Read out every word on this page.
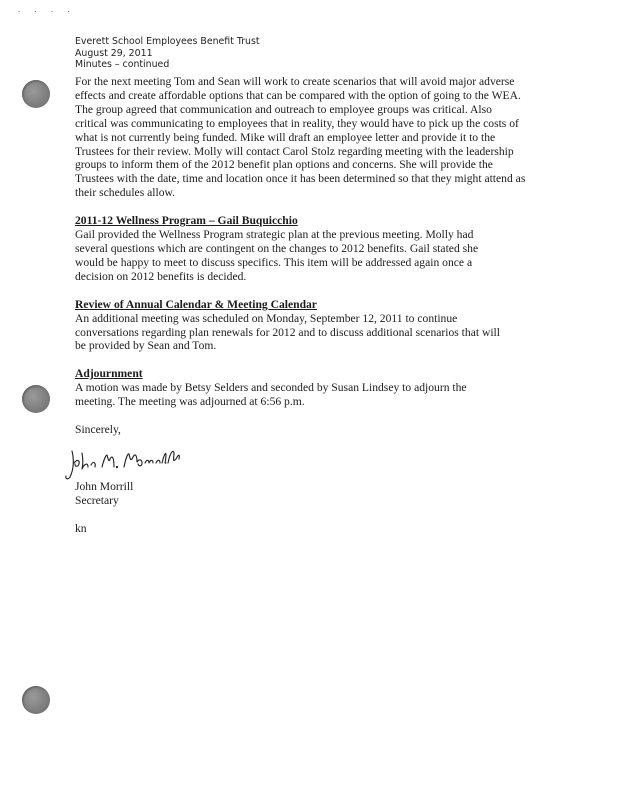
· · · ·
Everett School Employees Benefit Trust
August 29, 2011
Minutes – continued

For the next meeting Tom and Sean will work to create scenarios that will avoid major adverse

effects and create affordable options that can be compared with the option of going to the WEA.

The group agreed that communication and outreach to employee groups was critical. Also

critical was communicating to employees that in reality, they would have to pick up the costs of

what is not currently being funded. Mike will draft an employee letter and provide it to the

Trustees for their review. Molly will contact Carol Stolz regarding meeting with the leadership

groups to inform them of the 2012 benefit plan options and concerns. She will provide the

Trustees with the date, time and location once it has been determined so that they might attend as

their schedules allow.

2011-12 Wellness Program – Gail Buquicchio

Gail provided the Wellness Program strategic plan at the previous meeting. Molly had

several questions which are contingent on the changes to 2012 benefits. Gail stated she

would be happy to meet to discuss specifics. This item will be addressed again once a

decision on 2012 benefits is decided.

Review of Annual Calendar & Meeting Calendar

An additional meeting was scheduled on Monday, September 12, 2011 to continue

conversations regarding plan renewals for 2012 and to discuss additional scenarios that will

be provided by Sean and Tom.

Adjournment

A motion was made by Betsy Selders and seconded by Susan Lindsey to adjourn the

meeting. The meeting was adjourned at 6:56 p.m.

Sincerely,

John Morrill
Secretary
kn
